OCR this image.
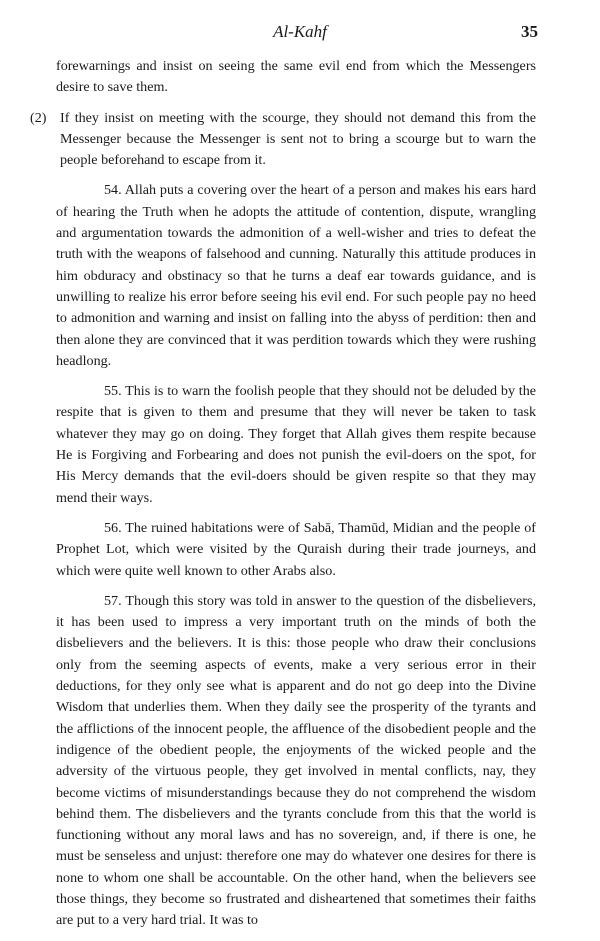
Al-Kahf	35

forewarnings and insist on seeing the same evil end from which the Messengers desire to save them.

(2) If they insist on meeting with the scourge, they should not demand this from the Messenger because the Messenger is sent not to bring a scourge but to warn the people beforehand to escape from it.

54. Allah puts a covering over the heart of a person and makes his ears hard of hearing the Truth when he adopts the attitude of contention, dispute, wrangling and argumentation towards the admonition of a well-wisher and tries to defeat the truth with the weapons of falsehood and cunning. Naturally this attitude produces in him obduracy and obstinacy so that he turns a deaf ear towards guidance, and is unwilling to realize his error before seeing his evil end. For such people pay no heed to admonition and warning and insist on falling into the abyss of perdition: then and then alone they are convinced that it was perdition towards which they were rushing headlong.

55. This is to warn the foolish people that they should not be deluded by the respite that is given to them and presume that they will never be taken to task whatever they may go on doing. They forget that Allah gives them respite because He is Forgiving and Forbearing and does not punish the evil-doers on the spot, for His Mercy demands that the evil-doers should be given respite so that they may mend their ways.

56. The ruined habitations were of Sabā, Thamūd, Midian and the people of Prophet Lot, which were visited by the Quraish during their trade journeys, and which were quite well known to other Arabs also.

57. Though this story was told in answer to the question of the disbelievers, it has been used to impress a very important truth on the minds of both the disbelievers and the believers. It is this: those people who draw their conclusions only from the seeming aspects of events, make a very serious error in their deductions, for they only see what is apparent and do not go deep into the Divine Wisdom that underlies them. When they daily see the prosperity of the tyrants and the afflictions of the innocent people, the affluence of the disobedient people and the indigence of the obedient people, the enjoyments of the wicked people and the adversity of the virtuous people, they get involved in mental conflicts, nay, they become victims of misunderstandings because they do not comprehend the wisdom behind them. The disbelievers and the tyrants conclude from this that the world is functioning without any moral laws and has no sovereign, and, if there is one, he must be senseless and unjust: therefore one may do whatever one desires for there is none to whom one shall be accountable. On the other hand, when the believers see those things, they become so frustrated and disheartened that sometimes their faiths are put to a very hard trial. It was to
